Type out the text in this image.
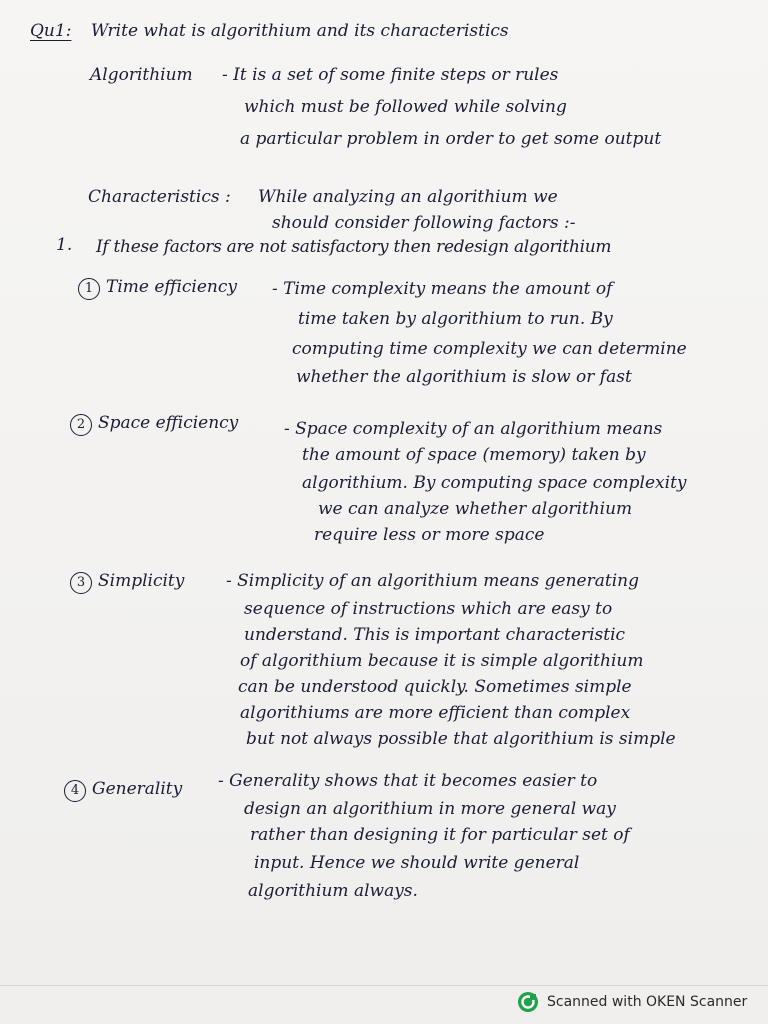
Qu1: Write what is algorithium and its characteristics
Algorithium - It is a set of some finite steps or rules
which must be followed while solving
a particular problem in order to get some output
Characteristics : While analyzing an algorithium we
should consider following factors :-
1. If these factors are not satisfactory then redesign algorithium
1 Time efficiency - Time complexity means the amount of
time taken by algorithium to run. By
computing time complexity we can determine
whether the algorithium is slow or fast
2 Space efficiency	- Space complexity of an algorithium means
the amount of space (memory) taken by
algorithium. By computing space complexity
we can analyze whether algorithium
require less or more space
3 Simplicity - Simplicity of an algorithium means generating
sequence of instructions which are easy to
understand. This is important characteristic
of algorithium because it is simple algorithium
can be understood quickly. Sometimes simple
algorithiums are more efficient than complex
but not always possible that algorithium is simple
4 Generality - Generality shows that it becomes easier to
design an algorithium in more general way
rather than designing it for particular set of
input. Hence we should write general
algorithium always.
Scanned with OKEN Scanner
